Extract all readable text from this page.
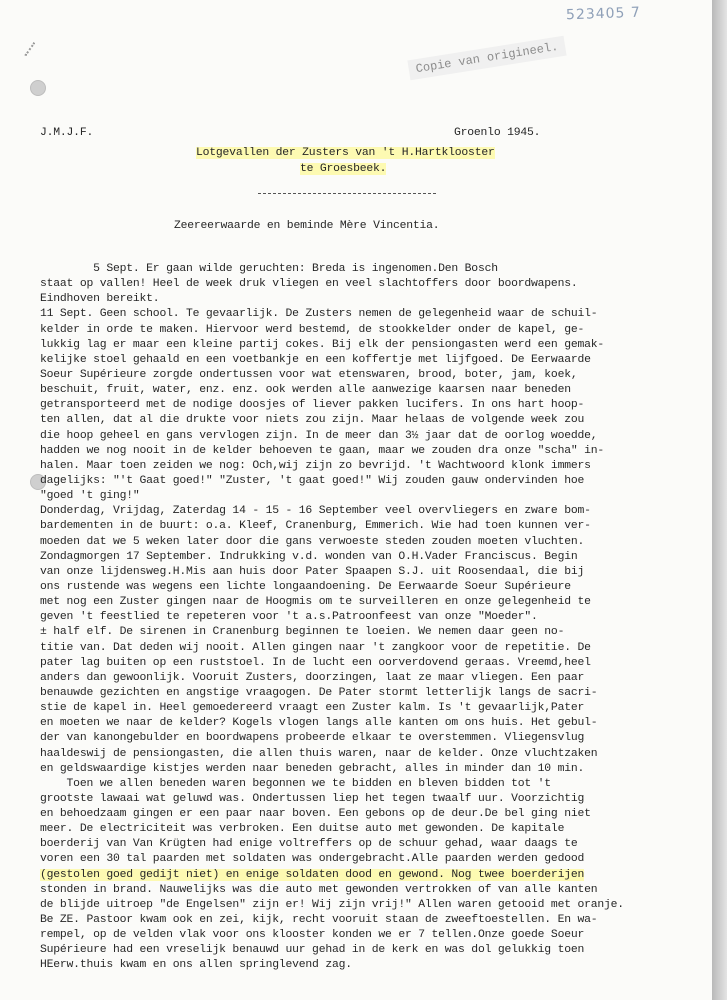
523405 7
Copie van origineel.
J.M.J.F.	Groenlo 1945.
Lotgevallen der Zusters van 't H.Hartklooster
te Groesbeek.
Zeereerwaarde en beminde Mère Vincentia.
5 Sept. Er gaan wilde geruchten: Breda is ingenomen.Den Bosch
staat op vallen! Heel de week druk vliegen en veel slachtoffers door boordwapens.
Eindhoven bereikt.
11 Sept. Geen school. Te gevaarlijk. De Zusters nemen de gelegenheid waar de schuil-
kelder in orde te maken. Hiervoor werd bestemd, de stookkelder onder de kapel, ge-
lukkig lag er maar een kleine partij cokes. Bij elk der pensiongasten werd een gemak-
kelijke stoel gehaald en een voetbankje en een koffertje met lijfgoed. De Eerwaarde
Soeur Supérieure zorgde ondertussen voor wat etenswaren, brood, boter, jam, koek,
beschuit, fruit, water, enz. enz. ook werden alle aanwezige kaarsen naar beneden
getransporteerd met de nodige doosjes of liever pakken lucifers. In ons hart hoop-
ten allen, dat al die drukte voor niets zou zijn. Maar helaas de volgende week zou
die hoop geheel en gans vervlogen zijn. In de meer dan 3½ jaar dat de oorlog woedde,
hadden we nog nooit in de kelder behoeven te gaan, maar we zouden dra onze "scha" in-
halen. Maar toen zeiden we nog: Och,wij zijn zo bevrijd. 't Wachtwoord klonk immers
dagelijks: "'t Gaat goed!" "Zuster, 't gaat goed!" Wij zouden gauw ondervinden hoe
"goed 't ging!"
Donderdag, Vrijdag, Zaterdag 14 - 15 - 16 September veel overvliegers en zware bom-
bardementen in de buurt: o.a. Kleef, Cranenburg, Emmerich. Wie had toen kunnen ver-
moeden dat we 5 weken later door die gans verwoeste steden zouden moeten vluchten.
Zondagmorgen 17 September. Indrukking v.d. wonden van O.H.Vader Franciscus. Begin
van onze lijdensweg.H.Mis aan huis door Pater Spaapen S.J. uit Roosendaal, die bij
ons rustende was wegens een lichte longaandoening. De Eerwaarde Soeur Supérieure
met nog een Zuster gingen naar de Hoogmis om te surveilleren en onze gelegenheid te
geven 't feestlied te repeteren voor 't a.s.Patroonfeest van onze "Moeder".
± half elf. De sirenen in Cranenburg beginnen te loeien. We nemen daar geen no-
titie van. Dat deden wij nooit. Allen gingen naar 't zangkoor voor de repetitie. De
pater lag buiten op een ruststoel. In de lucht een oorverdovend geraas. Vreemd,heel
anders dan gewoonlijk. Vooruit Zusters, doorzingen, laat ze maar vliegen. Een paar
benauwde gezichten en angstige vraagogen. De Pater stormt letterlijk langs de sacri-
stie de kapel in. Heel gemoedereerd vraagt een Zuster kalm. Is 't gevaarlijk,Pater
en moeten we naar de kelder? Kogels vlogen langs alle kanten om ons huis. Het gebul-
der van kanongebulder en boordwapens probeerde elkaar te overstemmen. Vliegensvlug
haaldeswij de pensiongasten, die allen thuis waren, naar de kelder. Onze vluchtzaken
en geldswaardige kistjes werden naar beneden gebracht, alles in minder dan 10 min.
Toen we allen beneden waren begonnen we te bidden en bleven bidden tot 't
grootste lawaai wat geluwd was. Ondertussen liep het tegen twaalf uur. Voorzichtig
en behoedzaam gingen er een paar naar boven. Een gebons op de deur.De bel ging niet
meer. De electriciteit was verbroken. Een duitse auto met gewonden. De kapitale
boerderij van Van Krügten had enige voltreffers op de schuur gehad, waar daags te
voren een 30 tal paarden met soldaten was ondergebracht.Alle paarden werden gedood
(gestolen goed gedijt niet) en enige soldaten dood en gewond. Nog twee boerderijen
stonden in brand. Nauwelijks was die auto met gewonden vertrokken of van alle kanten
de blijde uitroep "de Engelsen" zijn er! Wij zijn vrij!" Allen waren getooid met oranje.
Be ZE. Pastoor kwam ook en zei, kijk, recht vooruit staan de zweeftoestellen. En wa-
rempel, op de velden vlak voor ons klooster konden we er 7 tellen.Onze goede Soeur
Supérieure had een vreselijk benauwd uur gehad in de kerk en was dol gelukkig toen
HEerw.thuis kwam en ons allen springlevend zag.
